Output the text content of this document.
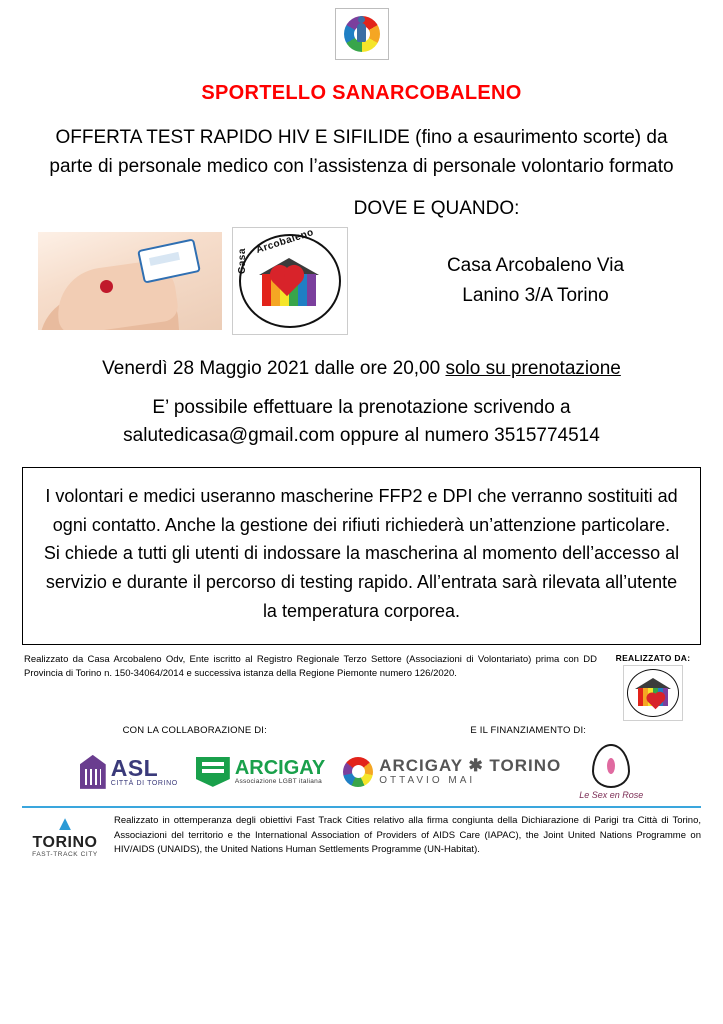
SPORTELLO SANARCOBALENO
OFFERTA TEST RAPIDO HIV E SIFILIDE (fino a esaurimento scorte) da parte di personale medico con l’assistenza di personale volontario formato
DOVE E QUANDO:
Casa
Arcobaleno
Casa Arcobaleno Via
Lanino 3/A Torino
Venerdì 28 Maggio 2021 dalle ore 20,00 solo su prenotazione
E’ possibile effettuare la prenotazione scrivendo a
salutedicasa@gmail.com oppure al numero 3515774514
I volontari e medici useranno mascherine FFP2 e DPI che verranno sostituiti ad ogni contatto. Anche la gestione dei rifiuti richiederà un’attenzione particolare. Si chiede a tutti gli utenti di indossare la mascherina al momento dell’accesso al servizio e durante il percorso di testing rapido. All’entrata sarà rilevata all’utente la temperatura corporea.
Realizzato da Casa Arcobaleno Odv, Ente iscritto al Registro Regionale Terzo Settore (Associazioni di Volontariato) prima con DD Provincia di Torino n. 150-34064/2014 e successiva istanza della Regione Piemonte numero 126/2020.
REALIZZATO DA:
CON LA COLLABORAZIONE DI:	E IL FINANZIAMENTO DI:
ASL
CITTÀ DI TORINO
ARCIGAY
Associazione LGBT italiana
ARCIGAY ✱ TORINO
OTTAVIO MAI
Le Sex en Rose
▲
TORINO
FAST-TRACK CITY
Realizzato in ottemperanza degli obiettivi Fast Track Cities relativo alla firma congiunta della Dichiarazione di Parigi tra Città di Torino, Associazioni del territorio e the International Association of Providers of AIDS Care (IAPAC), the Joint United Nations Programme on HIV/AIDS (UNAIDS), the United Nations Human Settlements Programme (UN-Habitat).
